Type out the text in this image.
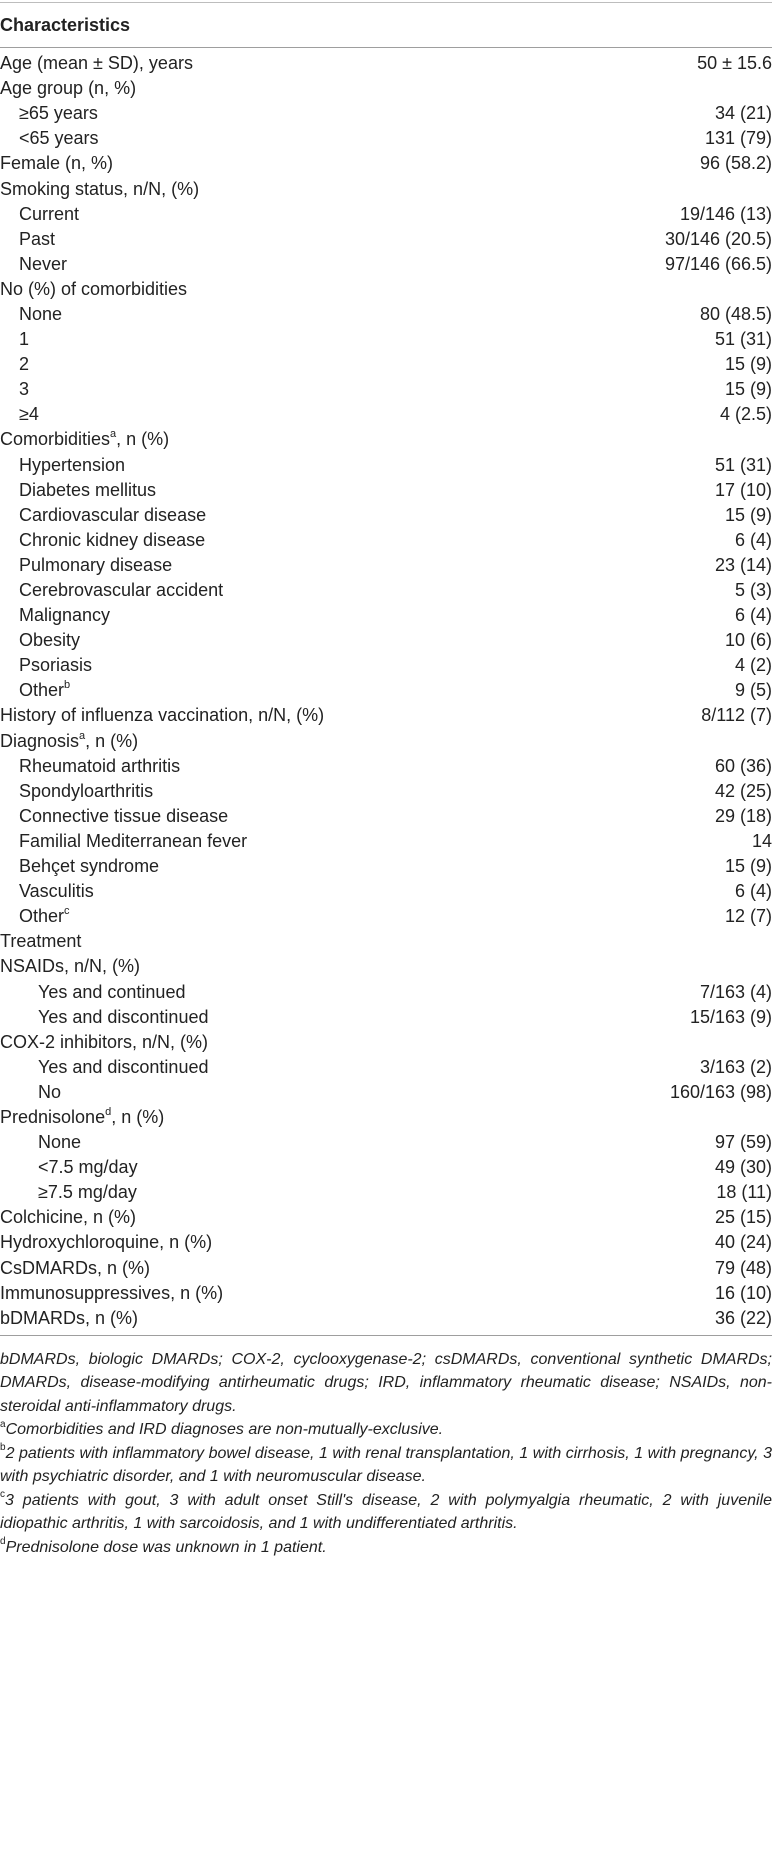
Characteristics	
Age (mean ± SD), years	50 ± 15.6
Age group (n, %)	
≥65 years	34 (21)
<65 years	131 (79)
Female (n, %)	96 (58.2)
Smoking status, n/N, (%)	
Current	19/146 (13)
Past	30/146 (20.5)
Never	97/146 (66.5)
No (%) of comorbidities	
None	80 (48.5)
1	51 (31)
2	15 (9)
3	15 (9)
≥4	4 (2.5)
Comorbidities$^a$, n (%)	
Hypertension	51 (31)
Diabetes mellitus	17 (10)
Cardiovascular disease	15 (9)
Chronic kidney disease	6 (4)
Pulmonary disease	23 (14)
Cerebrovascular accident	5 (3)
Malignancy	6 (4)
Obesity	10 (6)
Psoriasis	4 (2)
Other$^b$	9 (5)
History of influenza vaccination, n/N, (%)	8/112 (7)
Diagnosis$^a$, n (%)	
Rheumatoid arthritis	60 (36)
Spondyloarthritis	42 (25)
Connective tissue disease	29 (18)
Familial Mediterranean fever	14
Behçet syndrome	15 (9)
Vasculitis	6 (4)
Other$^c$	12 (7)
Treatment	
NSAIDs, n/N, (%)	
Yes and continued	7/163 (4)
Yes and discontinued	15/163 (9)
COX-2 inhibitors, n/N, (%)	
Yes and discontinued	3/163 (2)
No	160/163 (98)
Prednisolone$^d$, n (%)	
None	97 (59)
<7.5 mg/day	49 (30)
≥7.5 mg/day	18 (11)
Colchicine, n (%)	25 (15)
Hydroxychloroquine, n (%)	40 (24)
CsDMARDs, n (%)	79 (48)
Immunosuppressives, n (%)	16 (10)
bDMARDs, n (%)	36 (22)

bDMARDs, biologic DMARDs; COX-2, cyclooxygenase-2; csDMARDs, conventional synthetic DMARDs; DMARDs, disease-modifying antirheumatic drugs; IRD, inflammatory rheumatic disease; NSAIDs, non-steroidal anti-inflammatory drugs.

$^a$Comorbidities and IRD diagnoses are non-mutually-exclusive.

$^b$2 patients with inflammatory bowel disease, 1 with renal transplantation, 1 with cirrhosis, 1 with pregnancy, 3 with psychiatric disorder, and 1 with neuromuscular disease.

$^c$3 patients with gout, 3 with adult onset Still's disease, 2 with polymyalgia rheumatic, 2 with juvenile idiopathic arthritis, 1 with sarcoidosis, and 1 with undifferentiated arthritis.

$^d$Prednisolone dose was unknown in 1 patient.
